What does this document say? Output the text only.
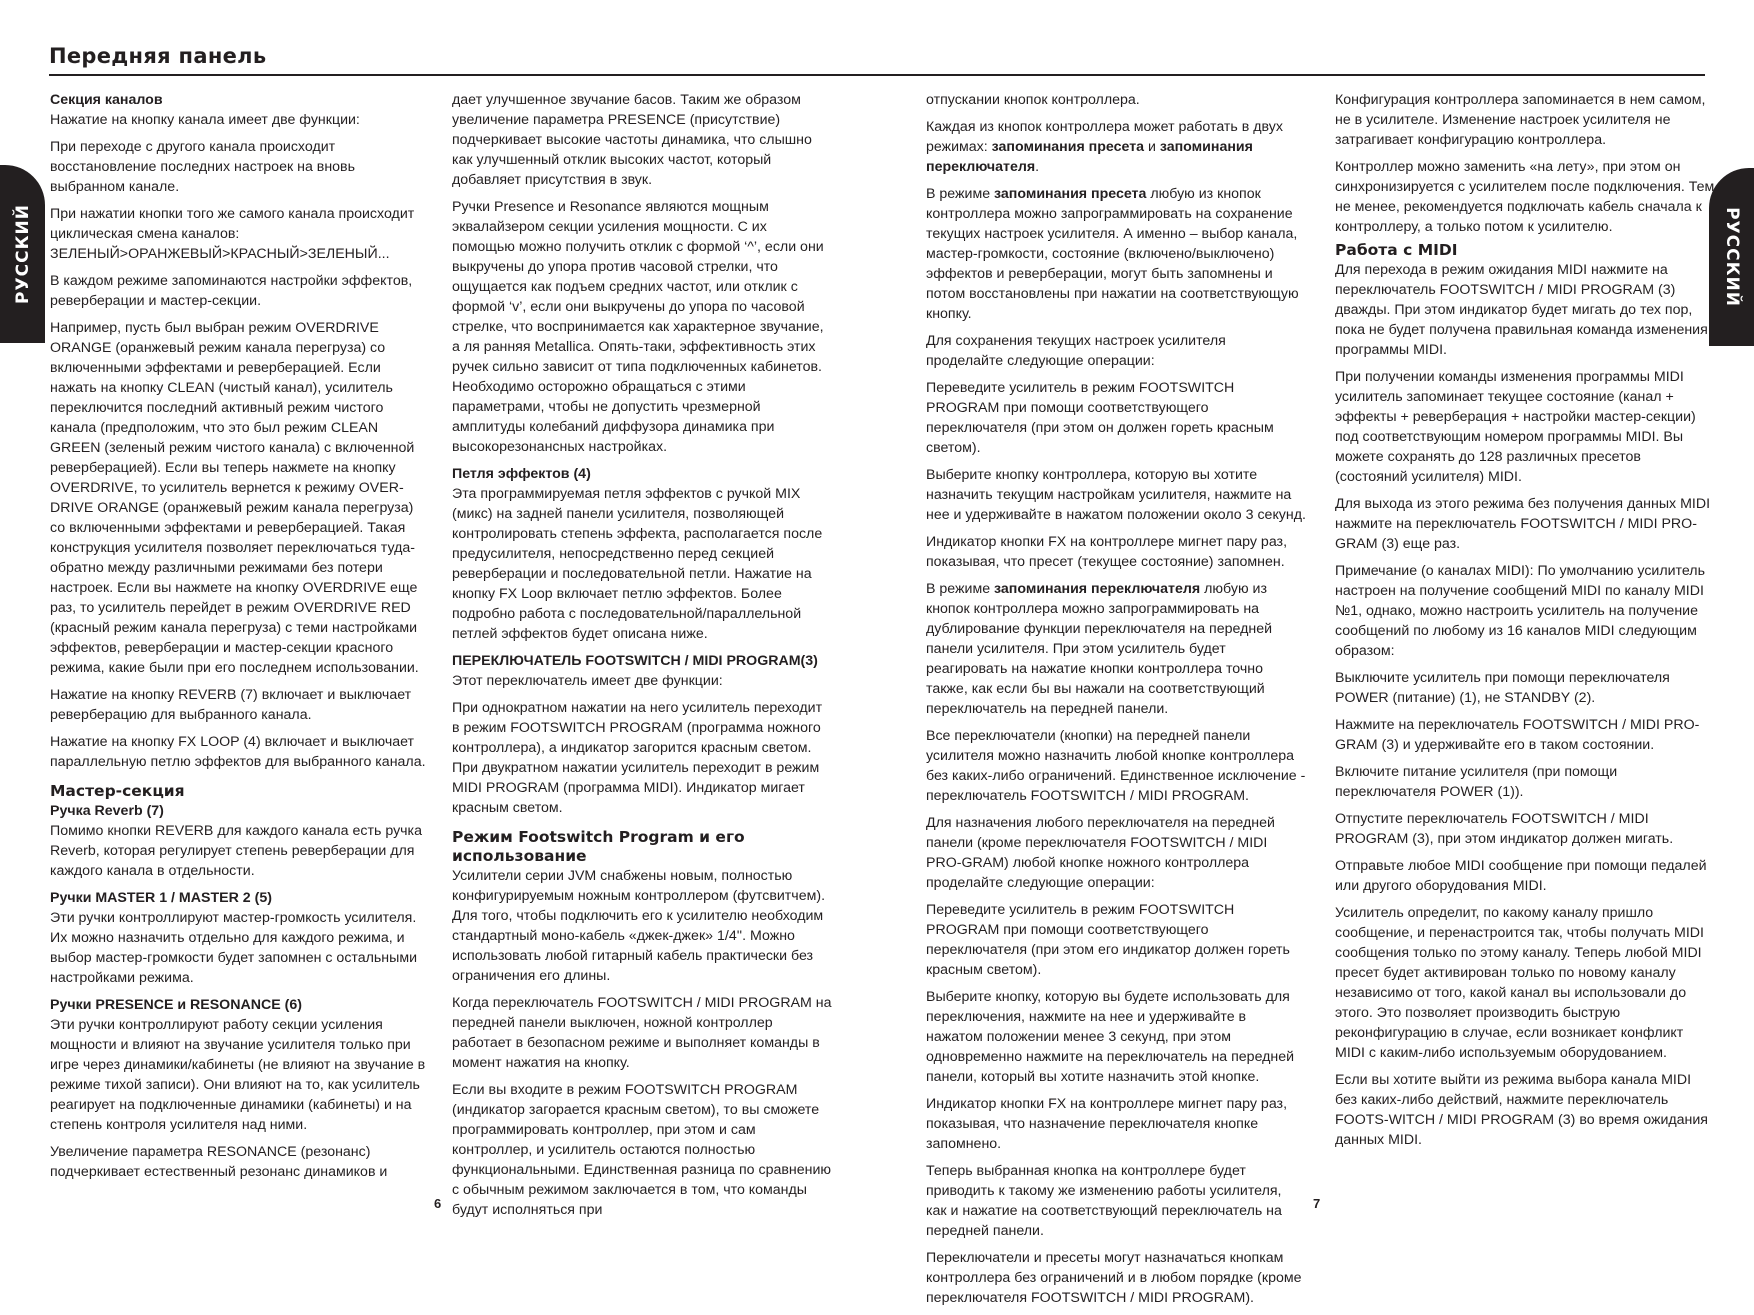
Передняя панель
РУССКИЙ	РУССКИЙ
Секция каналов

Нажатие на кнопку канала имеет две функции:

При переходе с другого канала происходит восстановление последних настроек на вновь выбранном канале.

При нажатии кнопки того же самого канала происходит циклическая смена каналов: ЗЕЛЕНЫЙ>ОРАНЖЕВЫЙ>КРАСНЫЙ>ЗЕЛЕНЫЙ...

В каждом режиме запоминаются настройки эффектов, реверберации и мастер-секции.

Например, пусть был выбран режим OVERDRIVE ORANGE (оранжевый режим канала перегруза) со включенными эффектами и реверберацией. Если нажать на кнопку CLEAN (чистый канал), усилитель переключится последний активный режим чистого канала (предположим, что это был режим CLEAN GREEN (зеленый режим чистого канала) с включенной реверберацией). Если вы теперь нажмете на кнопку OVERDRIVE, то усилитель вернется к режиму OVER-DRIVE ORANGE (оранжевый режим канала перегруза) со включенными эффектами и реверберацией. Такая конструкция усилителя позволяет переключаться туда-обратно между различными режимами без потери настроек. Если вы нажмете на кнопку OVERDRIVE еще раз, то усилитель перейдет в режим OVERDRIVE RED (красный режим канала перегруза) с теми настройками эффектов, реверберации и мастер-секции красного режима, какие были при его последнем использовании.

Нажатие на кнопку REVERB (7) включает и выключает реверберацию для выбранного канала.

Нажатие на кнопку FX LOOP (4) включает и выключает параллельную петлю эффектов для выбранного канала.

Мастер-секция
Ручка Reverb (7)

Помимо кнопки REVERB для каждого канала есть ручка Reverb, которая регулирует степень реверберации для каждого канала в отдельности.

Ручки MASTER 1 / MASTER 2 (5)

Эти ручки контроллируют мастер-громкость усилителя. Их можно назначить отдельно для каждого режима, и выбор мастер-громкости будет запомнен с остальными настройками режима.

Ручки PRESENCE и RESONANCE (6)

Эти ручки контроллируют работу секции усиления мощности и влияют на звучание усилителя только при игре через динамики/кабинеты (не влияют на звучание в режиме тихой записи). Они влияют на то, как усилитель реагирует на подключенные динамики (кабинеты) и на степень контроля усилителя над ними.

Увеличение параметра RESONANCE (резонанс) подчеркивает естественный резонанс динамиков и

дает улучшенное звучание басов. Таким же образом увеличение параметра PRESENCE (присутствие) подчеркивает высокие частоты динамика, что слышно как улучшенный отклик высоких частот, который добавляет присутствия в звук.

Ручки Presence и Resonance являются мощным эквалайзером секции усиления мощности. С их помощью можно получить отклик с формой ‘^’, если они выкручены до упора против часовой стрелки, что ощущается как подъем средних частот, или отклик с формой ‘v’, если они выкручены до упора по часовой стрелке, что воспринимается как характерное звучание, а ля ранняя Metallica. Опять-таки, эффективность этих ручек сильно зависит от типа подключенных кабинетов. Необходимо осторожно обращаться с этими параметрами, чтобы не допустить чрезмерной амплитуды колебаний диффузора динамика при высокорезонансных настройках.

Петля эффектов (4)

Эта программируемая петля эффектов с ручкой MIX (микс) на задней панели усилителя, позволяющей контролировать степень эффекта, располагается после предусилителя, непосредственно перед секцией реверберации и последовательной петли. Нажатие на кнопку FX Loop включает петлю эффектов. Более подробно работа с последовательной/параллельной петлей эффектов будет описана ниже.

ПЕРЕКЛЮЧАТЕЛЬ FOOTSWITCH / MIDI PROGRAM(3)

Этот переключатель имеет две функции:

При однократном нажатии на него усилитель переходит в режим FOOTSWITCH PROGRAM (программа ножного контроллера), а индикатор загорится красным светом. При двукратном нажатии усилитель переходит в режим MIDI PROGRAM (программа MIDI). Индикатор мигает красным светом.

Режим Footswitch Program и его использование

Усилители серии JVM снабжены новым, полностью конфигурируемым ножным контроллером (футсвитчем). Для того, чтобы подключить его к усилителю необходим стандартный моно-кабель «джек-джек» 1/4''. Можно использовать любой гитарный кабель практически без ограничения его длины.

Когда переключатель FOOTSWITCH / MIDI PROGRAM на передней панели выключен, ножной контроллер работает в безопасном режиме и выполняет команды в момент нажатия на кнопку.

Если вы входите в режим FOOTSWITCH PROGRAM (индикатор загорается красным светом), то вы сможете программировать контроллер, при этом и сам контроллер, и усилитель остаются полностью функциональными. Единственная разница по сравнению с обычным режимом заключается в том, что команды будут исполняться при

отпускании кнопок контроллера.

Каждая из кнопок контроллера может работать в двух режимах: запоминания пресета и запоминания переключателя.

В режиме запоминания пресета любую из кнопок контроллера можно запрограммировать на сохранение текущих настроек усилителя. А именно – выбор канала, мастер-громкости, состояние (включено/выключено) эффектов и реверберации, могут быть запомнены и потом восстановлены при нажатии на соответствующую кнопку.

Для сохранения текущих настроек усилителя проделайте следующие операции:

Переведите усилитель в режим FOOTSWITCH PROGRAM при помощи соответствующего переключателя (при этом он должен гореть красным светом).

Выберите кнопку контроллера, которую вы хотите назначить текущим настройкам усилителя, нажмите на нее и удерживайте в нажатом положении около 3 секунд.

Индикатор кнопки FX на контроллере мигнет пару раз, показывая, что пресет (текущее состояние) запомнен.

В режиме запоминания переключателя любую из кнопок контроллера можно запрограммировать на дублирование функции переключателя на передней панели усилителя. При этом усилитель будет реагировать на нажатие кнопки контроллера точно также, как если бы вы нажали на соответствующий переключатель на передней панели.

Все переключатели (кнопки) на передней панели усилителя можно назначить любой кнопке контроллера без каких-либо ограничений. Единственное исключение - переключатель FOOTSWITCH / MIDI PROGRAM.

Для назначения любого переключателя на передней панели (кроме переключателя FOOTSWITCH / MIDI PRO-GRAM) любой кнопке ножного контроллера проделайте следующие операции:

Переведите усилитель в режим FOOTSWITCH PROGRAM при помощи соответствующего переключателя (при этом его индикатор должен гореть красным светом).

Выберите кнопку, которую вы будете использовать для переключения, нажмите на нее и удерживайте в нажатом положении менее 3 секунд, при этом одновременно нажмите на переключатель на передней панели, который вы хотите назначить этой кнопке.

Индикатор кнопки FX на контроллере мигнет пару раз, показывая, что назначение переключателя кнопке запомнено.

Теперь выбранная кнопка на контроллере будет приводить к такому же изменению работы усилителя, как и нажатие на соответствующий переключатель на передней панели.

Переключатели и пресеты могут назначаться кнопкам контроллера без ограничений и в любом порядке (кроме переключателя FOOTSWITCH / MIDI PROGRAM).

Конфигурация контроллера запоминается в нем самом, не в усилителе. Изменение настроек усилителя не затрагивает конфигурацию контроллера.

Контроллер можно заменить «на лету», при этом он синхронизируется с усилителем после подключения. Тем не менее, рекомендуется подключать кабель сначала к контроллеру, а только потом к усилителю.

Работа с MIDI

Для перехода в режим ожидания MIDI нажмите на переключатель FOOTSWITCH / MIDI PROGRAM (3) дважды. При этом индикатор будет мигать до тех пор, пока не будет получена правильная команда изменения программы MIDI.

При получении команды изменения программы MIDI усилитель запоминает текущее состояние (канал + эффекты + реверберация + настройки мастер-секции) под соответствующим номером программы MIDI. Вы можете сохранять до 128 различных пресетов (состояний усилителя) MIDI.

Для выхода из этого режима без получения данных MIDI нажмите на переключатель FOOTSWITCH / MIDI PRO-GRAM (3) еще раз.

Примечание (о каналах MIDI): По умолчанию усилитель настроен на получение сообщений MIDI по каналу MIDI №1, однако, можно настроить усилитель на получение сообщений по любому из 16 каналов MIDI следующим образом:

Выключите усилитель при помощи переключателя POWER (питание) (1), не STANDBY (2).

Нажмите на переключатель FOOTSWITCH / MIDI PRO-GRAM (3) и удерживайте его в таком состоянии.

Включите питание усилителя (при помощи переключателя POWER (1)).

Отпустите переключатель FOOTSWITCH / MIDI PROGRAM (3), при этом индикатор должен мигать.

Отправьте любое MIDI сообщение при помощи педалей или другого оборудования MIDI.

Усилитель определит, по какому каналу пришло сообщение, и перенастроится так, чтобы получать MIDI сообщения только по этому каналу. Теперь любой MIDI пресет будет активирован только по новому каналу независимо от того, какой канал вы использовали до этого. Это позволяет производить быструю реконфигурацию в случае, если возникает конфликт MIDI с каким-либо используемым оборудованием.

Если вы хотите выйти из режима выбора канала MIDI без каких-либо действий, нажмите переключатель FOOTS-WITCH / MIDI PROGRAM (3) во время ожидания данных MIDI.

6	7
